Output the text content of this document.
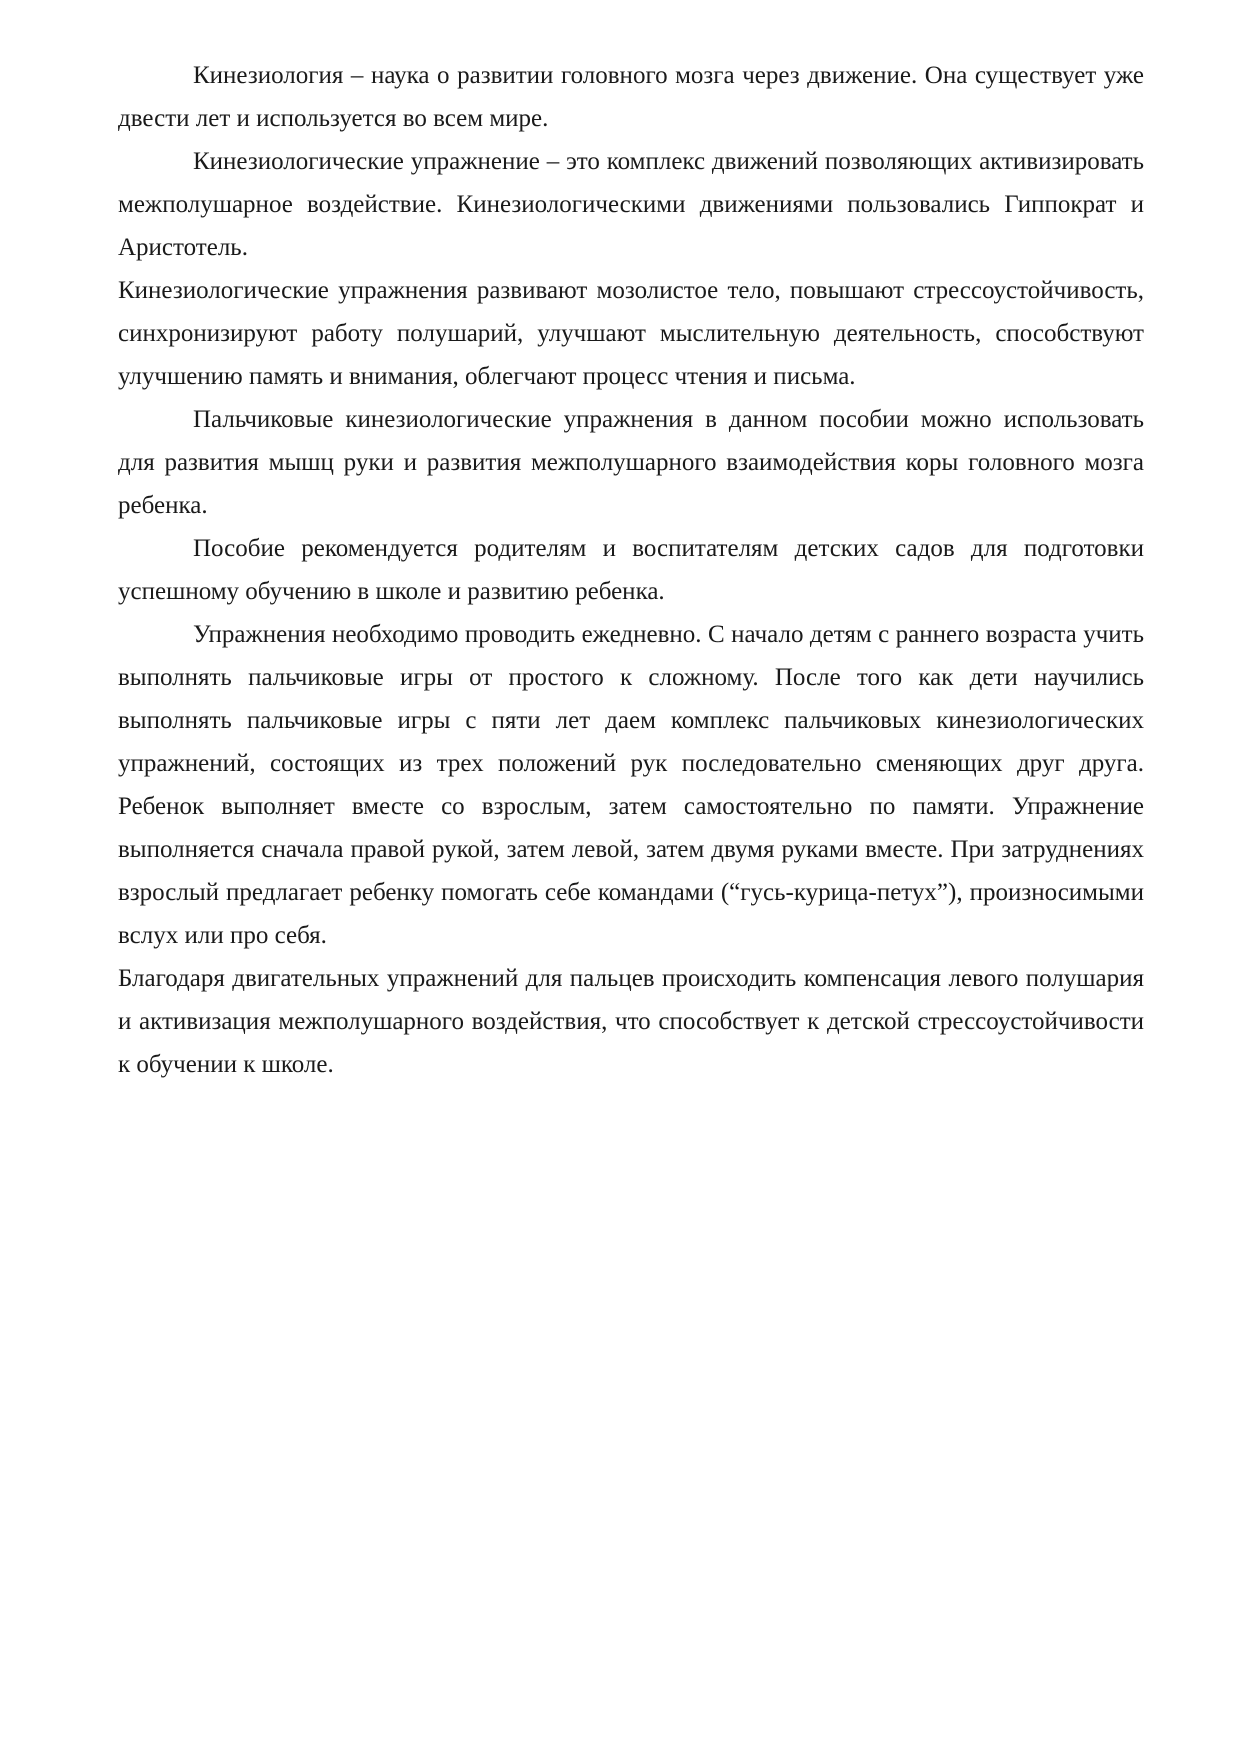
Кинезиология – наука о развитии головного мозга через движение. Она существует уже двести лет и используется во всем мире.

Кинезиологические упражнение – это комплекс движений позволяющих активизировать межполушарное воздействие. Кинезиологическими движениями пользовались Гиппократ и Аристотель.

Кинезиологические упражнения развивают мозолистое тело, повышают стрессоустойчивость, синхронизируют работу полушарий, улучшают мыслительную деятельность, способствуют улучшению память и внимания, облегчают процесс чтения и письма.

Пальчиковые кинезиологические упражнения в данном пособии можно использовать для развития мышц руки и развития межполушарного взаимодействия коры головного мозга ребенка.

Пособие рекомендуется родителям и воспитателям детских садов для подготовки успешному обучению в школе и развитию ребенка.

Упражнения необходимо проводить ежедневно. С начало детям с раннего возраста учить выполнять пальчиковые игры от простого к сложному. После того как дети научились выполнять пальчиковые игры с пяти лет даем комплекс пальчиковых кинезиологических упражнений, состоящих из трех положений рук последовательно сменяющих друг друга. Ребенок выполняет вместе со взрослым, затем самостоятельно по памяти. Упражнение выполняется сначала правой рукой, затем левой, затем двумя руками вместе. При затруднениях взрослый предлагает ребенку помогать себе командами (“гусь-курица-петух”), произносимыми вслух или про себя.

Благодаря двигательных упражнений для пальцев происходить компенсация левого полушария и активизация межполушарного воздействия, что способствует к детской стрессоустойчивости к обучении к школе.
